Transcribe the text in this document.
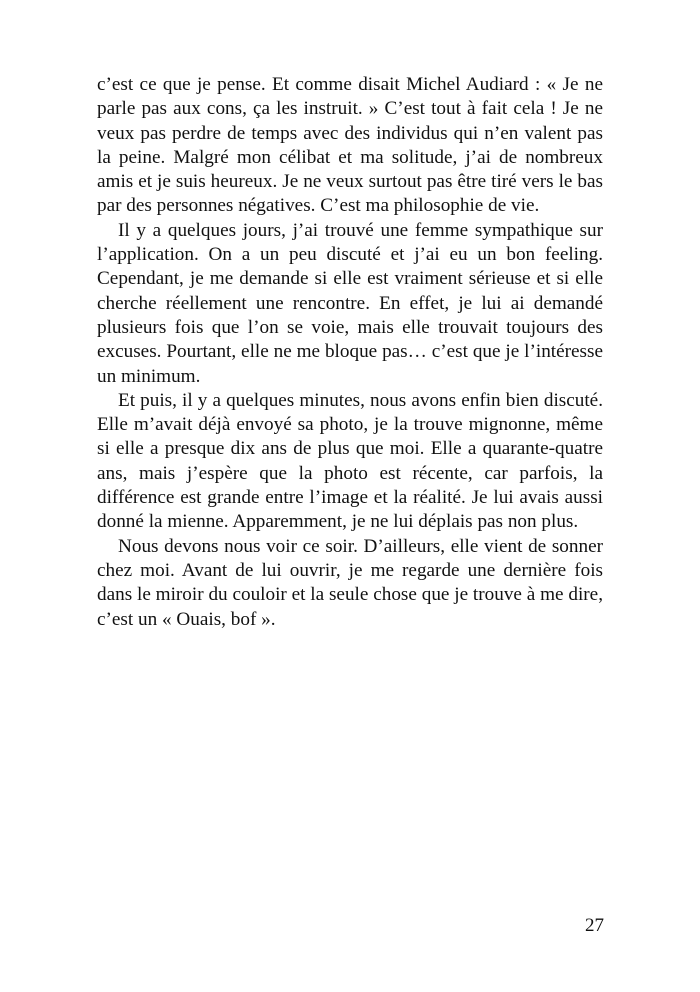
c’est ce que je pense. Et comme disait Michel Audiard : « Je ne parle pas aux cons, ça les instruit. » C’est tout à fait cela ! Je ne veux pas perdre de temps avec des individus qui n’en valent pas la peine. Malgré mon célibat et ma solitude, j’ai de nombreux amis et je suis heureux. Je ne veux surtout pas être tiré vers le bas par des personnes négatives. C’est ma philosophie de vie.

Il y a quelques jours, j’ai trouvé une femme sympathique sur l’application. On a un peu discuté et j’ai eu un bon feeling. Cependant, je me demande si elle est vraiment sérieuse et si elle cherche réellement une rencontre. En effet, je lui ai demandé plusieurs fois que l’on se voie, mais elle trouvait toujours des excuses. Pourtant, elle ne me bloque pas… c’est que je l’intéresse un minimum.

Et puis, il y a quelques minutes, nous avons enfin bien discuté. Elle m’avait déjà envoyé sa photo, je la trouve mignonne, même si elle a presque dix ans de plus que moi. Elle a quarante-quatre ans, mais j’espère que la photo est récente, car parfois, la différence est grande entre l’image et la réalité. Je lui avais aussi donné la mienne. Apparemment, je ne lui déplais pas non plus.

Nous devons nous voir ce soir. D’ailleurs, elle vient de sonner chez moi. Avant de lui ouvrir, je me regarde une dernière fois dans le miroir du couloir et la seule chose que je trouve à me dire, c’est un « Ouais, bof ».

27
